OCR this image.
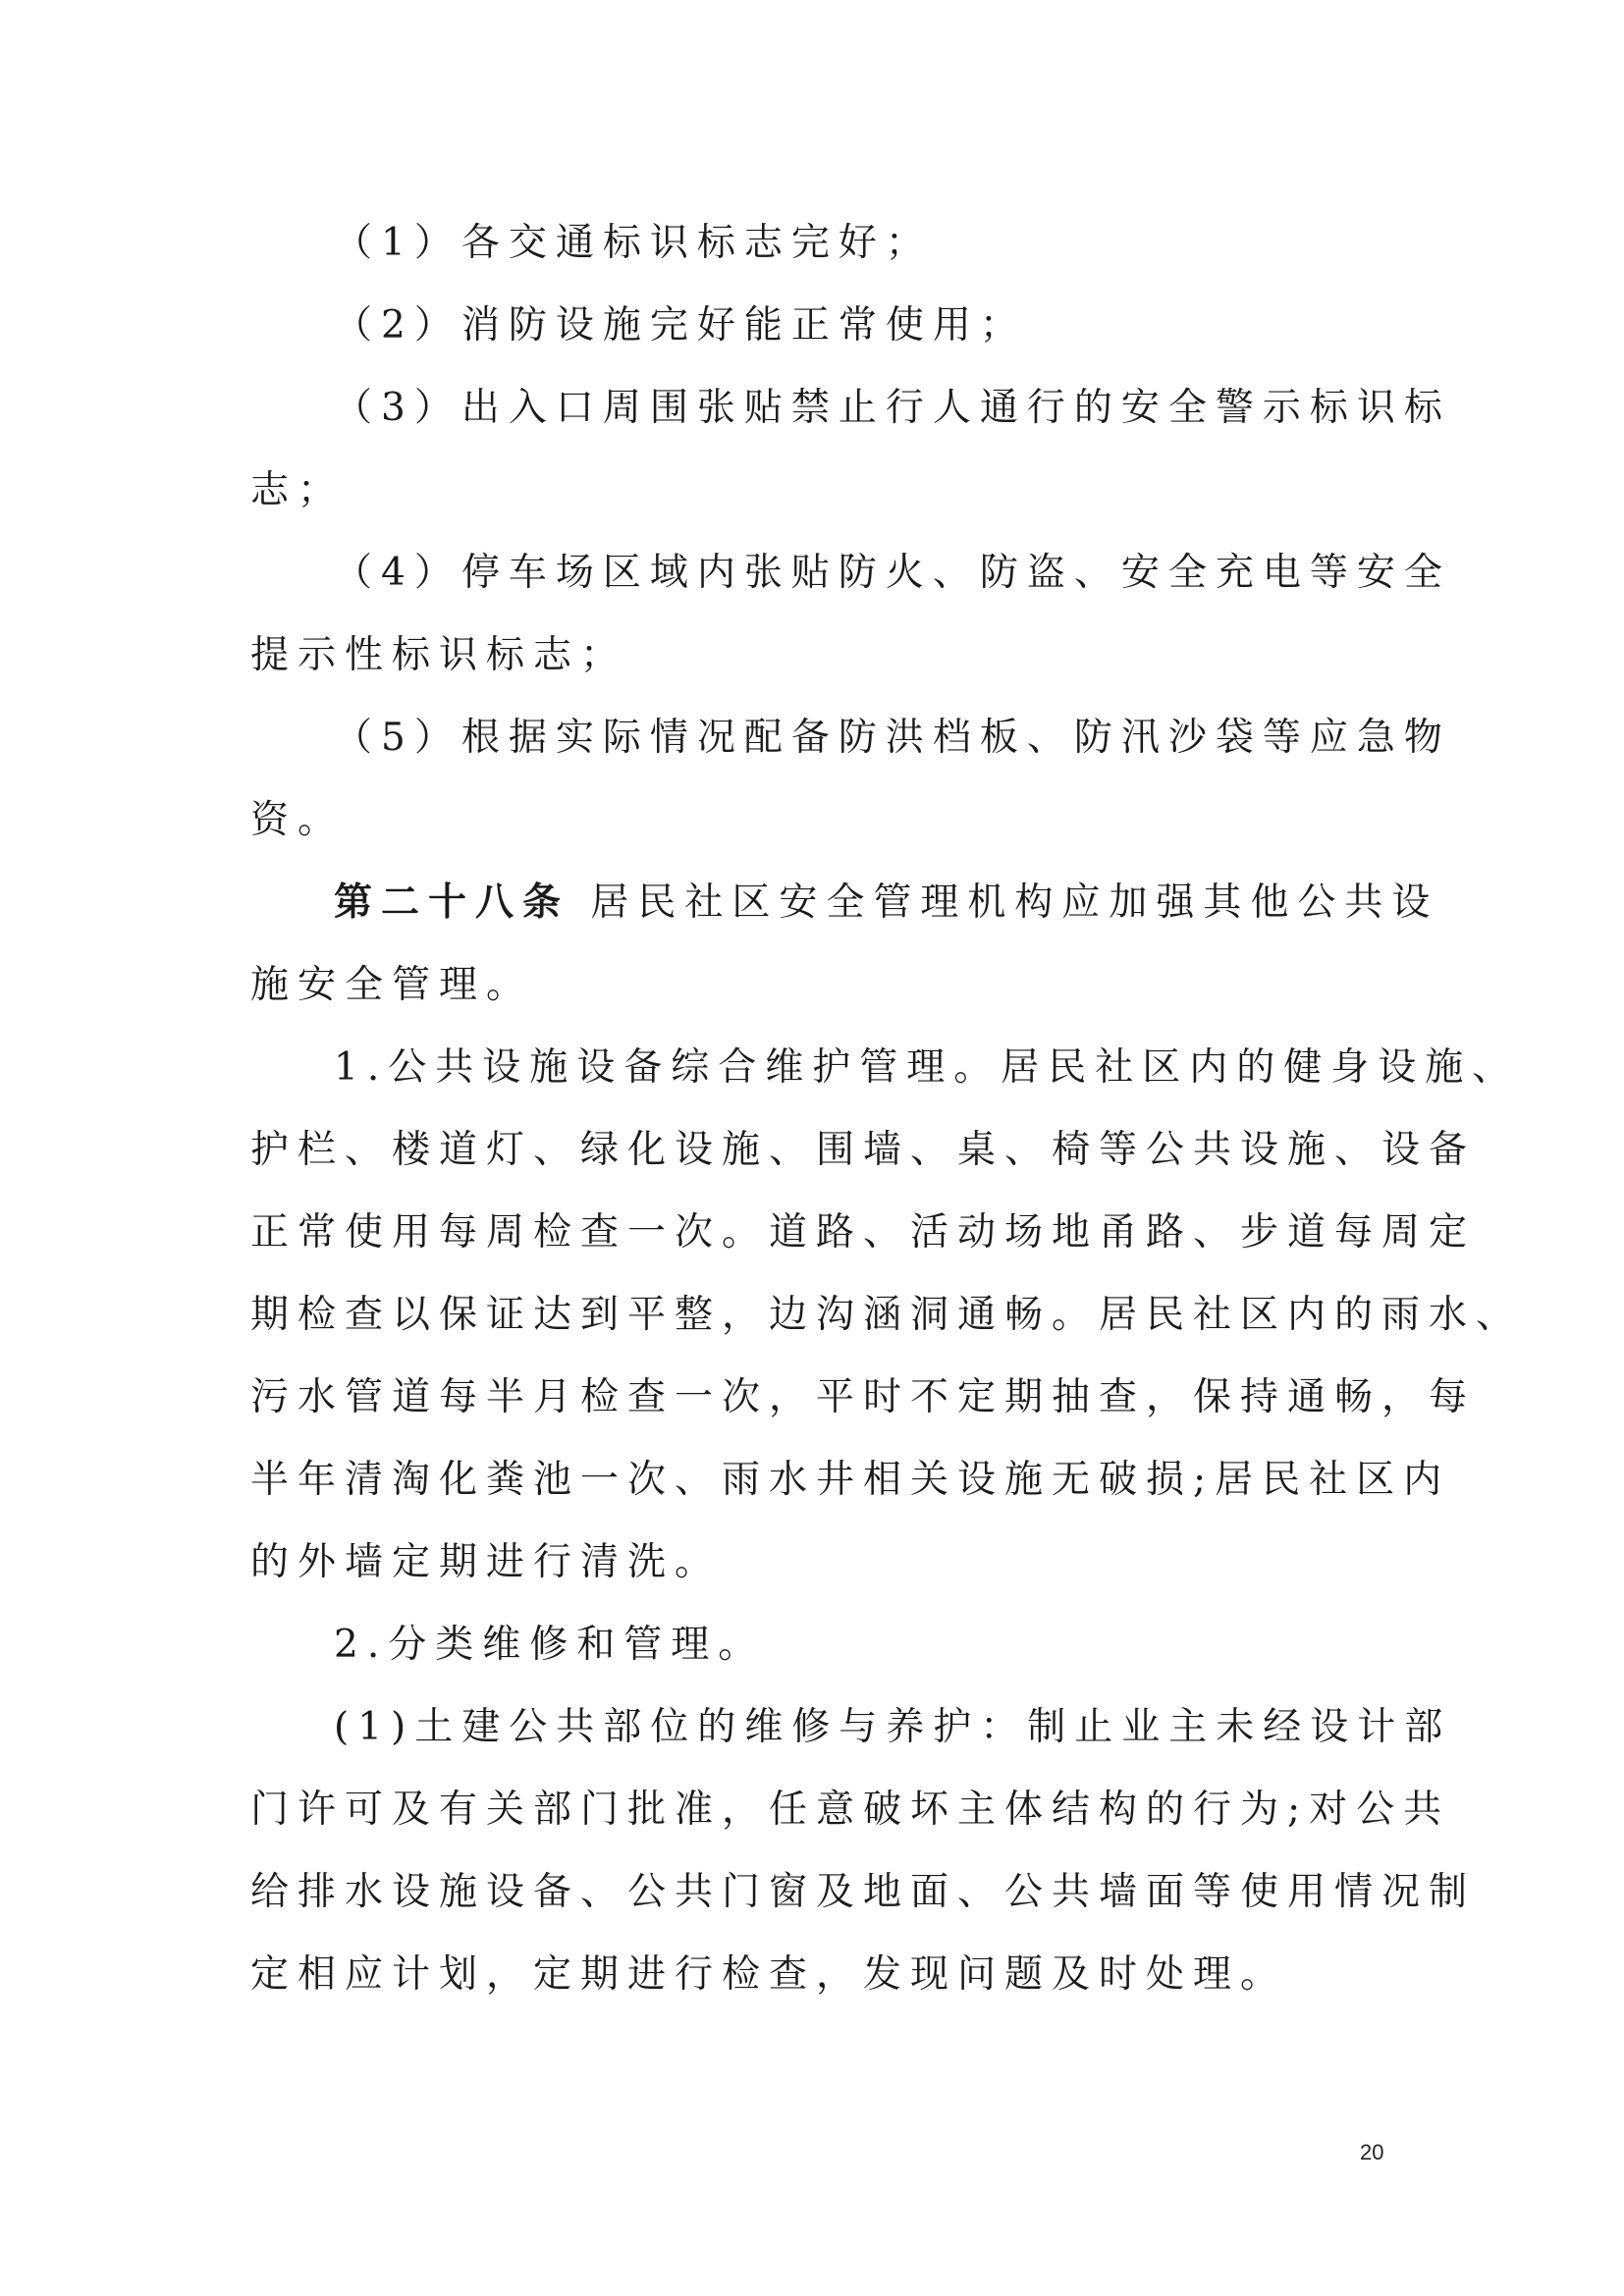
（1）各交通标识标志完好；
（2）消防设施完好能正常使用；
（3）出入口周围张贴禁止行人通行的安全警示标识标
志；
（4）停车场区域内张贴防火、防盗、安全充电等安全
提示性标识标志；
（5）根据实际情况配备防洪档板、防汛沙袋等应急物
资。
第二十八条 居民社区安全管理机构应加强其他公共设
施安全管理。
1.公共设施设备综合维护管理。居民社区内的健身设施、
护栏、楼道灯、绿化设施、围墙、桌、椅等公共设施、设备
正常使用每周检查一次。道路、活动场地甬路、步道每周定
期检查以保证达到平整，边沟涵洞通畅。居民社区内的雨水、
污水管道每半月检查一次，平时不定期抽查，保持通畅，每
半年清淘化粪池一次、雨水井相关设施无破损;居民社区内
的外墙定期进行清洗。
2.分类维修和管理。
(1)土建公共部位的维修与养护：制止业主未经设计部
门许可及有关部门批准，任意破坏主体结构的行为;对公共
给排水设施设备、公共门窗及地面、公共墙面等使用情况制
定相应计划，定期进行检查，发现问题及时处理。
20
